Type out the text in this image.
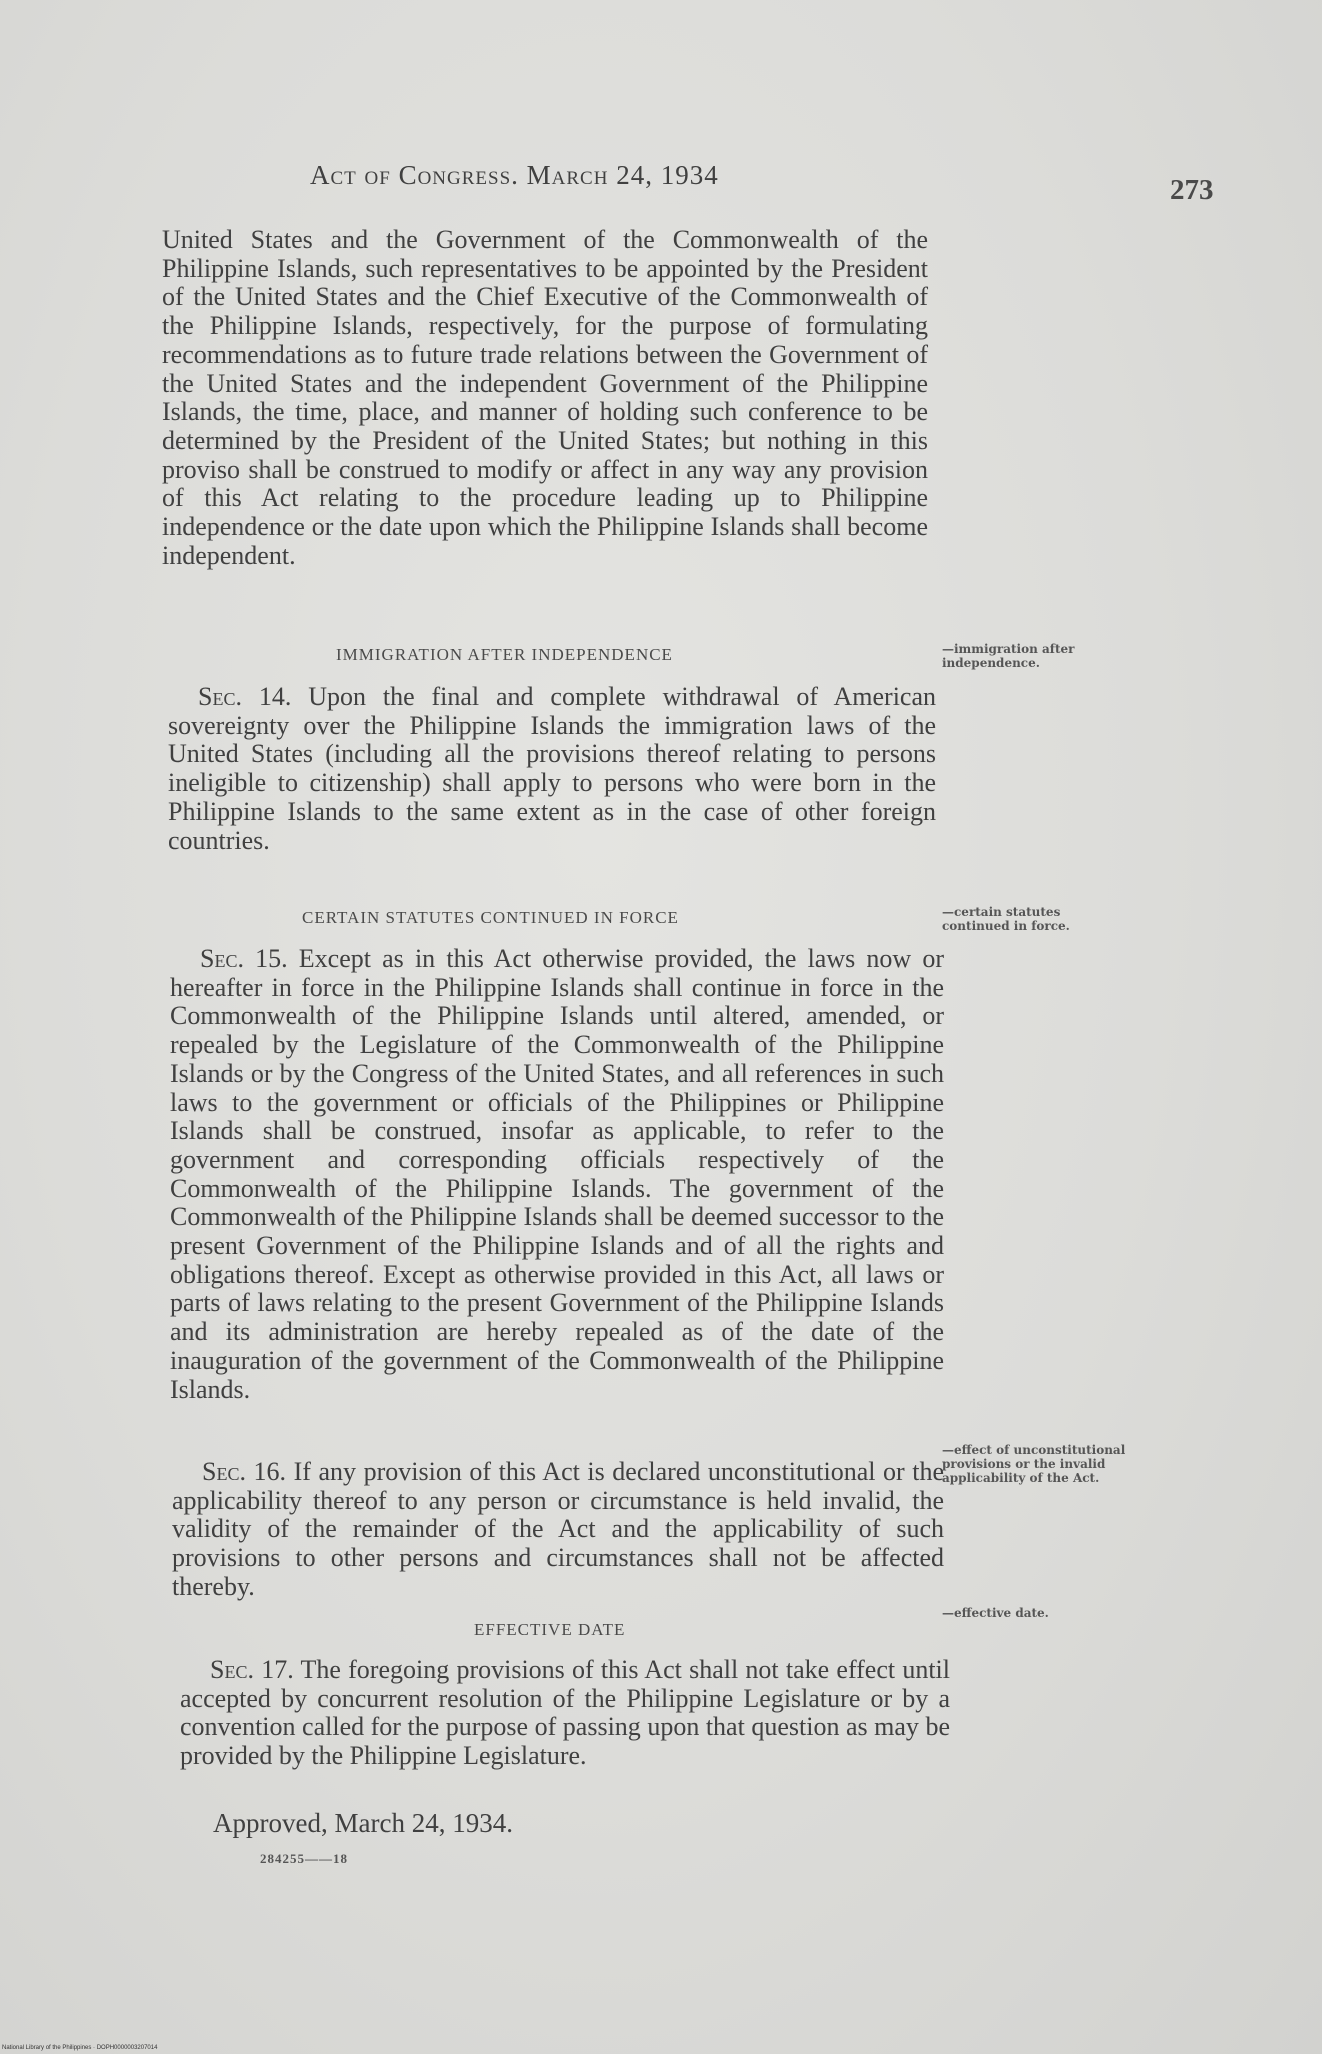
Act of Congress. March 24, 1934	273

United States and the Government of the Commonwealth of the Philippine Islands, such representatives to be appointed by the President of the United States and the Chief Executive of the Commonwealth of the Philippine Islands, respectively, for the purpose of formulating recommendations as to future trade relations between the Government of the United States and the independent Government of the Philippine Islands, the time, place, and manner of holding such conference to be determined by the President of the United States; but nothing in this proviso shall be construed to modify or affect in any way any provision of this Act relating to the procedure leading up to Philippine independence or the date upon which the Philippine Islands shall become independent.

IMMIGRATION AFTER INDEPENDENCE	—immigration after independence.

Sec. 14. Upon the final and complete withdrawal of American sovereignty over the Philippine Islands the immigration laws of the United States (including all the provisions thereof relating to persons ineligible to citizenship) shall apply to persons who were born in the Philippine Islands to the same extent as in the case of other foreign countries.

CERTAIN STATUTES CONTINUED IN FORCE	—certain statutes continued in force.

Sec. 15. Except as in this Act otherwise provided, the laws now or hereafter in force in the Philippine Islands shall continue in force in the Commonwealth of the Philippine Islands until altered, amended, or repealed by the Legislature of the Commonwealth of the Philippine Islands or by the Congress of the United States, and all references in such laws to the government or officials of the Philippines or Philippine Islands shall be construed, insofar as applicable, to refer to the government and corresponding officials respectively of the Commonwealth of the Philippine Islands. The government of the Commonwealth of the Philippine Islands shall be deemed successor to the present Government of the Philippine Islands and of all the rights and obligations thereof. Except as otherwise provided in this Act, all laws or parts of laws relating to the present Government of the Philippine Islands and its administration are hereby repealed as of the date of the inauguration of the government of the Commonwealth of the Philippine Islands.

—effect of unconstitutional provisions or the invalid applicability of the Act.

Sec. 16. If any provision of this Act is declared unconstitutional or the applicability thereof to any person or circumstance is held invalid, the validity of the remainder of the Act and the applicability of such provisions to other persons and circumstances shall not be affected thereby.

—effective date.
EFFECTIVE DATE

Sec. 17. The foregoing provisions of this Act shall not take effect until accepted by concurrent resolution of the Philippine Legislature or by a convention called for the purpose of passing upon that question as may be provided by the Philippine Legislature.

Approved, March 24, 1934.
284255——18
National Library of the Philippines · DOPH0000003207014
